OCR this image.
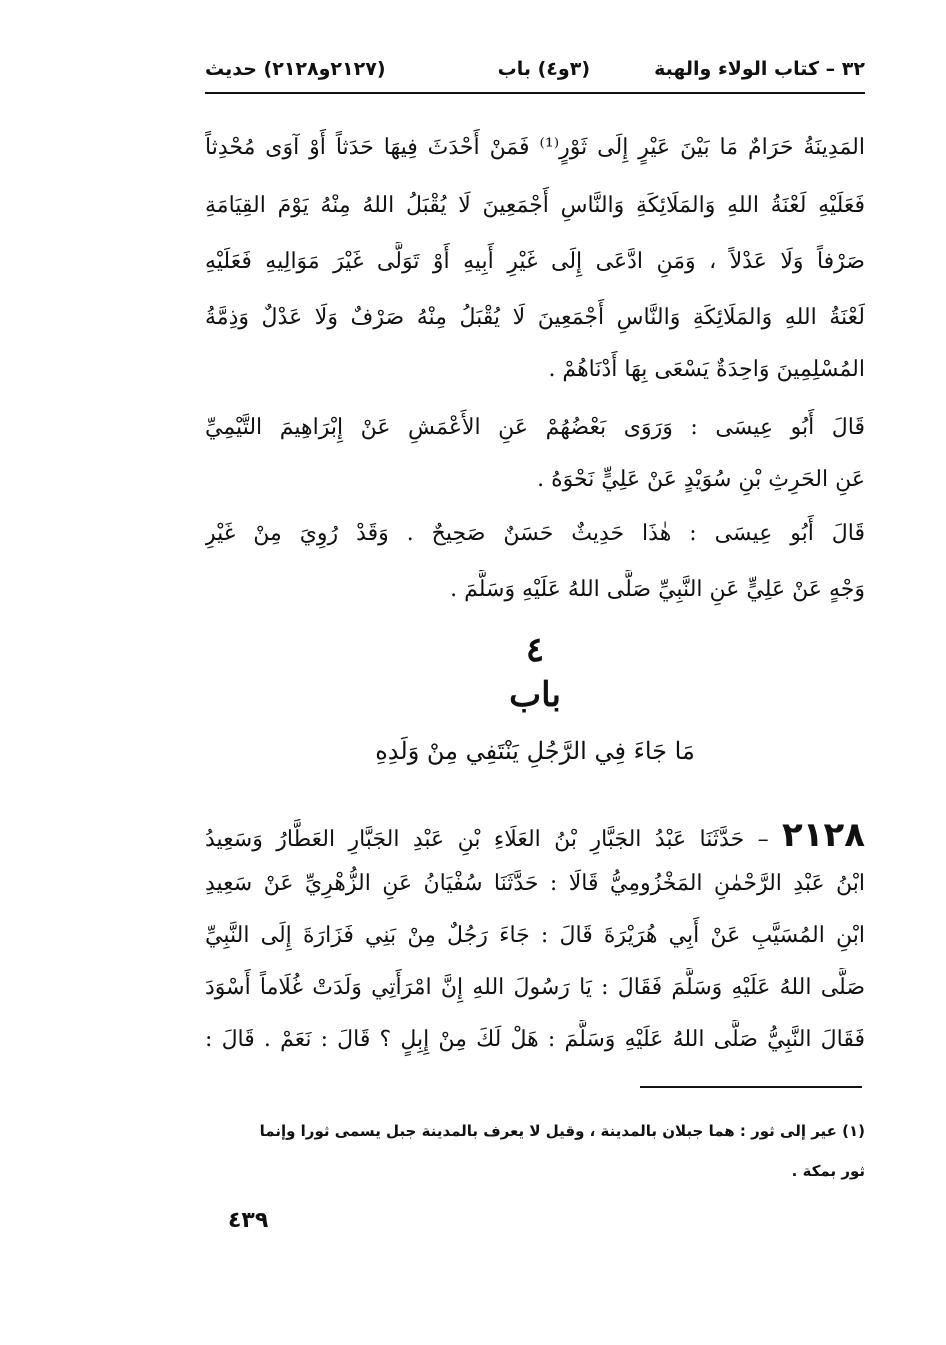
٣٢ – كتاب الولاء والهبة
(٣و٤) باب
(٢١٢٧و٢١٢٨) حديث
المَدِينَةُ حَرَامٌ مَا بَيْنَ عَيْرٍ إِلَى ثَوْرٍ⁽¹⁾ فَمَنْ أَحْدَثَ فِيهَا حَدَثاً أَوْ آوَى مُحْدِثاً
فَعَلَيْهِ لَعْنَةُ اللهِ وَالمَلَائِكَةِ وَالنَّاسِ أَجْمَعِينَ لَا يُقْبَلُ اللهُ مِنْهُ يَوْمَ القِيَامَةِ
صَرْفاً وَلَا عَدْلاً ، وَمَنِ ادَّعَى إِلَى غَيْرِ أَبِيهِ أَوْ تَوَلَّى غَيْرَ مَوَالِيهِ فَعَلَيْهِ
لَعْنَةُ اللهِ وَالمَلَائِكَةِ وَالنَّاسِ أَجْمَعِينَ لَا يُقْبَلُ مِنْهُ صَرْفٌ وَلَا عَدْلٌ وَذِمَّةُ
المُسْلِمِينَ وَاحِدَةٌ يَسْعَى بِهَا أَدْنَاهُمْ .
قَالَ أَبُو عِيسَى : وَرَوَى بَعْضُهُمْ عَنِ الأَعْمَشِ عَنْ إِبْرَاهِيمَ التَّيْمِيِّ
عَنِ الحَرِثِ بْنِ سُوَيْدٍ عَنْ عَلِيٍّ نَحْوَهُ .
قَالَ أَبُو عِيسَى : هٰذَا حَدِيثٌ حَسَنٌ صَحِيحٌ . وَقَدْ رُوِيَ مِنْ غَيْرِ
وَجْهٍ عَنْ عَلِيٍّ عَنِ النَّبِيِّ صَلَّى اللهُ عَلَيْهِ وَسَلَّمَ .
٤
باب
مَا جَاءَ فِي الرَّجُلِ يَنْتَفِي مِنْ وَلَدِهِ
٢١٢٨ – حَدَّثَنَا عَبْدُ الجَبَّارِ بْنُ العَلَاءِ بْنِ عَبْدِ الجَبَّارِ العَطَّارُ وَسَعِيدُ
ابْنُ عَبْدِ الرَّحْمٰنِ المَخْزُومِيُّ قَالَا : حَدَّثَنَا سُفْيَانُ عَنِ الزُّهْرِيِّ عَنْ سَعِيدِ
ابْنِ المُسَيَّبِ عَنْ أَبِي هُرَيْرَةَ قَالَ : جَاءَ رَجُلٌ مِنْ بَنِي فَزَارَةَ إِلَى النَّبِيِّ
صَلَّى اللهُ عَلَيْهِ وَسَلَّمَ فَقَالَ : يَا رَسُولَ اللهِ إِنَّ امْرَأَتِي وَلَدَتْ غُلَاماً أَسْوَدَ
فَقَالَ النَّبِيُّ صَلَّى اللهُ عَلَيْهِ وَسَلَّمَ : هَلْ لَكَ مِنْ إِبِلٍ ؟ قَالَ : نَعَمْ . قَالَ :
(١) عير إلى ثور : هما جبلان بالمدينة ، وقيل لا يعرف بالمدينة جبل يسمى ثورا وإنما
ثور بمكة .
٤٣٩
